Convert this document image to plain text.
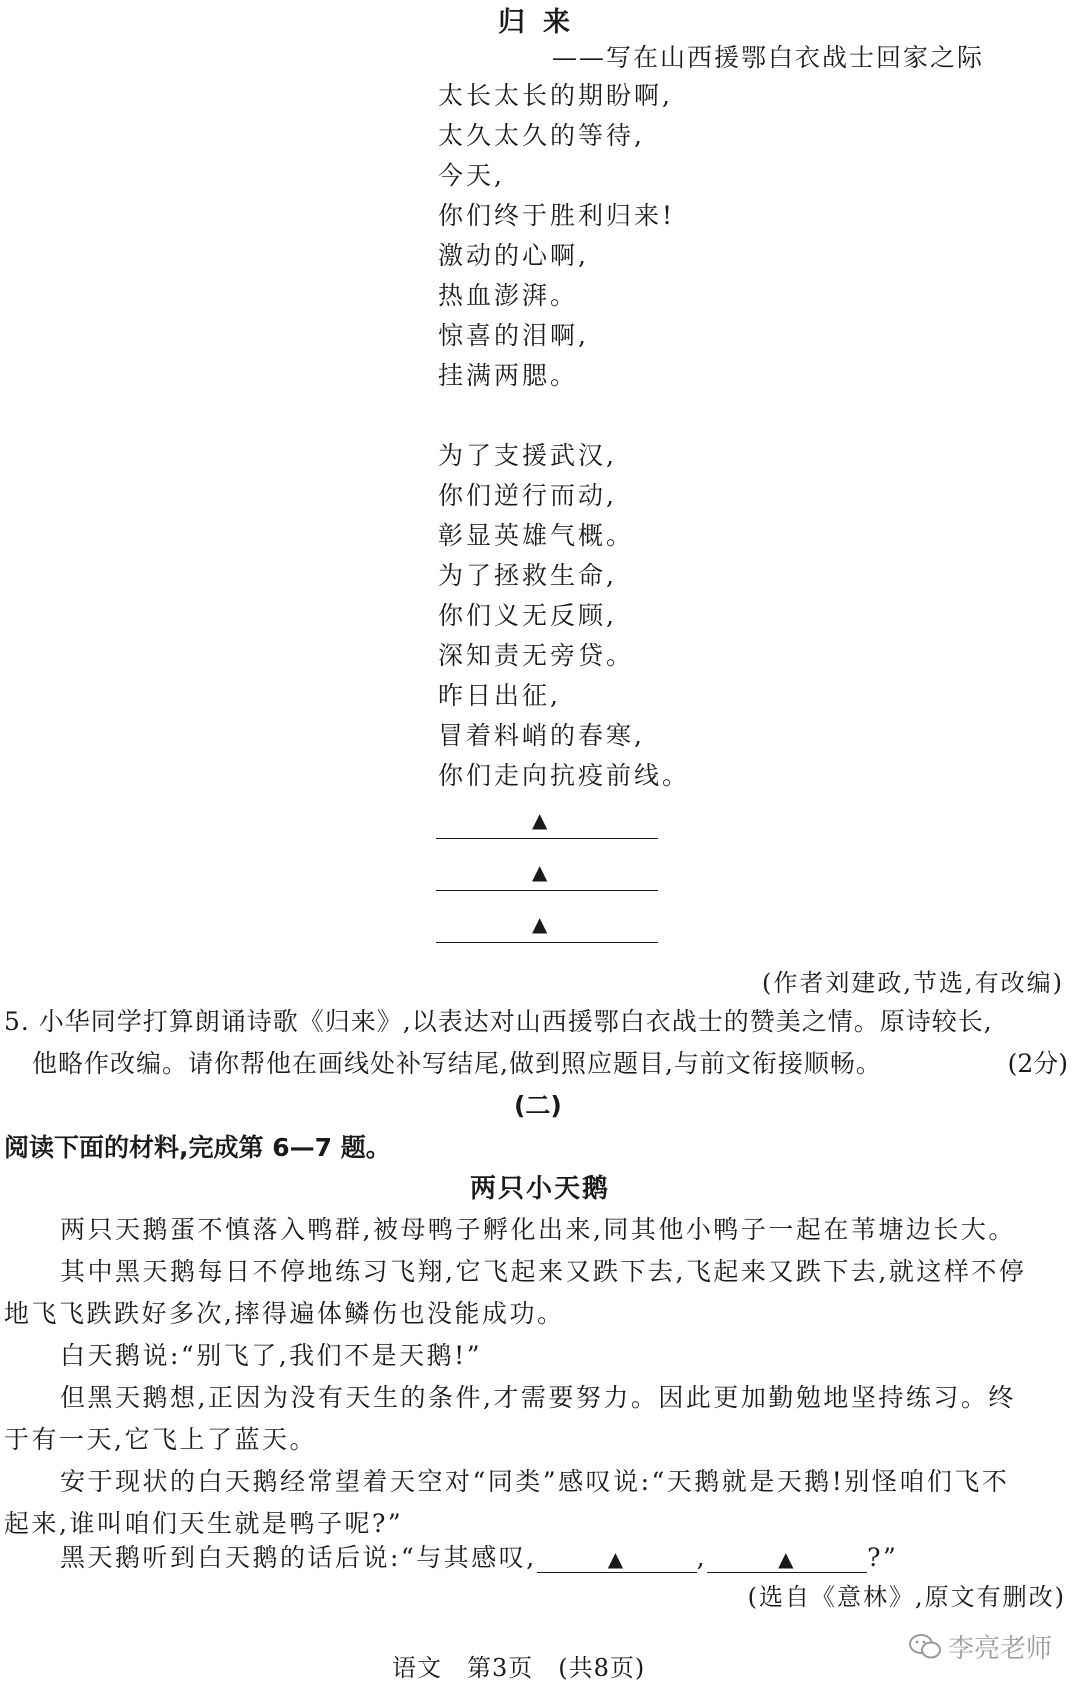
归来
——写在山西援鄂白衣战士回家之际
太长太长的期盼啊,
太久太久的等待,
今天,
你们终于胜利归来!
激动的心啊,
热血澎湃。
惊喜的泪啊,
挂满两腮。
为了支援武汉,
你们逆行而动,
彰显英雄气概。
为了拯救生命,
你们义无反顾,
深知责无旁贷。
昨日出征,
冒着料峭的春寒,
你们走向抗疫前线。
▲
▲
▲
(作者刘建政,节选,有改编)
5. 小华同学打算朗诵诗歌《归来》,以表达对山西援鄂白衣战士的赞美之情。原诗较长,
他略作改编。请你帮他在画线处补写结尾,做到照应题目,与前文衔接顺畅。	(2分)
(二)
阅读下面的材料,完成第 6—7 题。
两只小天鹅
两只天鹅蛋不慎落入鸭群,被母鸭子孵化出来,同其他小鸭子一起在苇塘边长大。
其中黑天鹅每日不停地练习飞翔,它飞起来又跌下去,飞起来又跌下去,就这样不停
地飞飞跌跌好多次,摔得遍体鳞伤也没能成功。
白天鹅说:“别飞了,我们不是天鹅!”
但黑天鹅想,正因为没有天生的条件,才需要努力。因此更加勤勉地坚持练习。终
于有一天,它飞上了蓝天。
安于现状的白天鹅经常望着天空对“同类”感叹说:“天鹅就是天鹅!别怪咱们飞不
起来,谁叫咱们天生就是鸭子呢?”
黑天鹅听到白天鹅的话后说:“与其感叹,	▲	,	▲	?”
(选自《意林》,原文有删改)
李亮老师
语文　第3页　(共8页)
